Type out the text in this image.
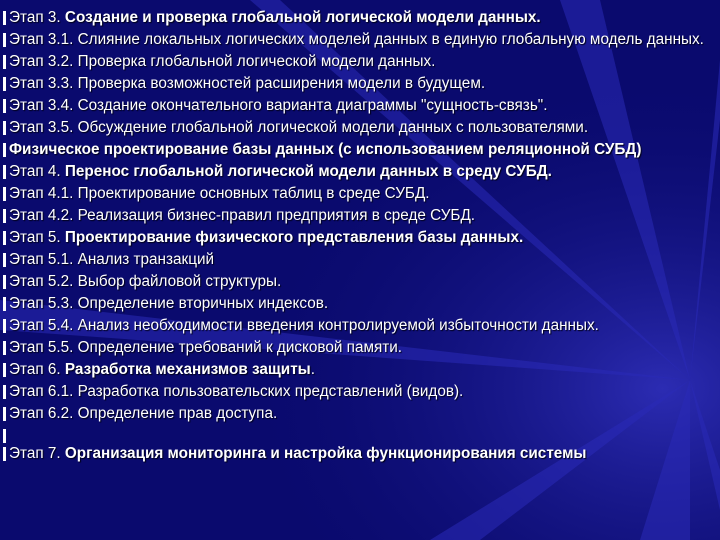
Этап 3. Создание и проверка глобальной логической модели данных.
Этап 3.1. Слияние локальных логических моделей данных в единую глобальную модель данных.
Этап 3.2. Проверка глобальной логической модели данных.
Этап 3.3. Проверка возможностей расширения модели в будущем.
Этап 3.4. Создание окончательного варианта диаграммы "сущность-связь".
Этап 3.5. Обсуждение глобальной логической модели данных с пользователями.
Физическое проектирование базы данных (с использованием реляционной СУБД)
Этап 4. Перенос глобальной логической модели данных в среду СУБД.
Этап 4.1. Проектирование основных таблиц в среде СУБД.
Этап 4.2. Реализация бизнес-правил предприятия в среде СУБД.
Этап 5. Проектирование физического представления базы данных.
Этап 5.1. Анализ транзакций
Этап 5.2. Выбор файловой структуры.
Этап 5.3. Определение вторичных индексов.
Этап 5.4. Анализ необходимости введения контролируемой избыточности данных.
Этап 5.5. Определение требований к дисковой памяти.
Этап 6. Разработка механизмов защиты.
Этап 6.1. Разработка пользовательских представлений (видов).
Этап 6.2. Определение прав доступа.
Этап 7. Организация мониторинга и настройка функционирования системы
